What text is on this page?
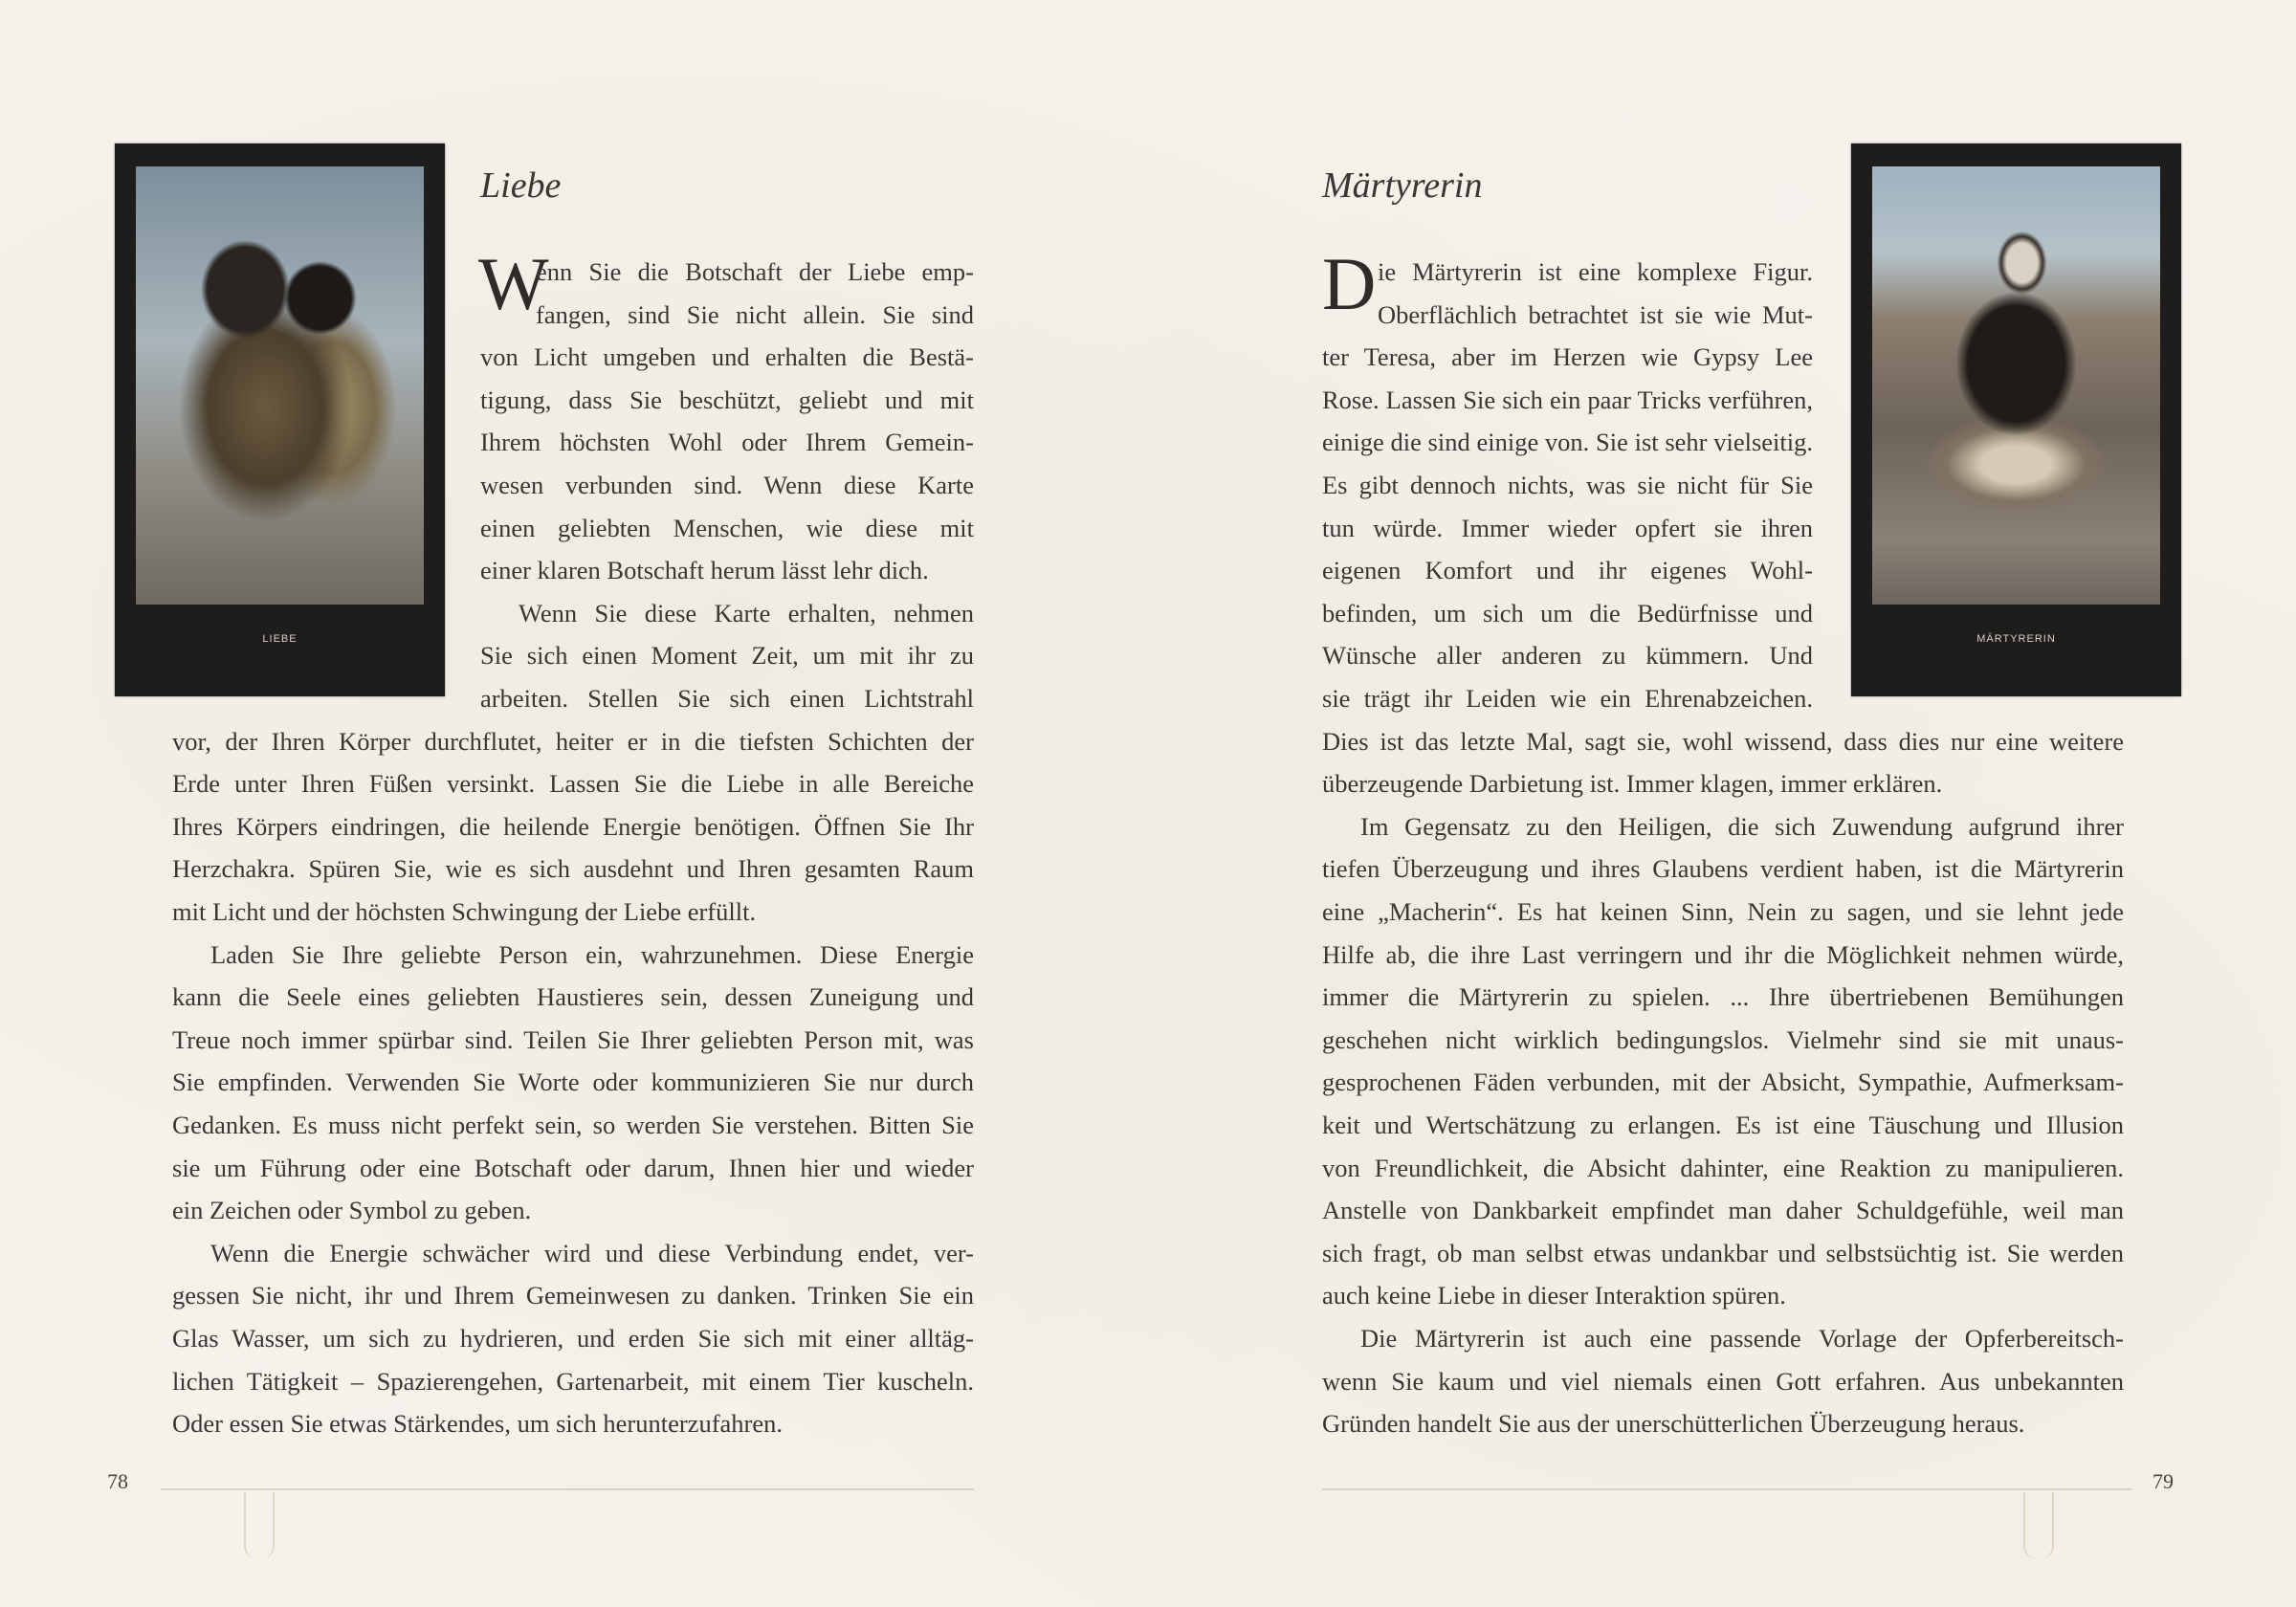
LIEBE
Liebe
W
enn Sie die Botschaft der Liebe emp-
fangen, sind Sie nicht allein. Sie sind
von Licht umgeben und erhalten die Bestä-
tigung, dass Sie beschützt, geliebt und mit
Ihrem höchsten Wohl oder Ihrem Gemein-
wesen verbunden sind. Wenn diese Karte
einen geliebten Menschen, wie diese mit
einer klaren Botschaft herum lässt lehr dich.
Wenn Sie diese Karte erhalten, nehmen
Sie sich einen Moment Zeit, um mit ihr zu
arbeiten. Stellen Sie sich einen Lichtstrahl
vor, der Ihren Körper durchflutet, heiter er in die tiefsten Schichten der
Erde unter Ihren Füßen versinkt. Lassen Sie die Liebe in alle Bereiche
Ihres Körpers eindringen, die heilende Energie benötigen. Öffnen Sie Ihr
Herzchakra. Spüren Sie, wie es sich ausdehnt und Ihren gesamten Raum
mit Licht und der höchsten Schwingung der Liebe erfüllt.
Laden Sie Ihre geliebte Person ein, wahrzunehmen. Diese Energie
kann die Seele eines geliebten Haustieres sein, dessen Zuneigung und
Treue noch immer spürbar sind. Teilen Sie Ihrer geliebten Person mit, was
Sie empfinden. Verwenden Sie Worte oder kommunizieren Sie nur durch
Gedanken. Es muss nicht perfekt sein, so werden Sie verstehen. Bitten Sie
sie um Führung oder eine Botschaft oder darum, Ihnen hier und wieder
ein Zeichen oder Symbol zu geben.
Wenn die Energie schwächer wird und diese Verbindung endet, ver-
gessen Sie nicht, ihr und Ihrem Gemeinwesen zu danken. Trinken Sie ein
Glas Wasser, um sich zu hydrieren, und erden Sie sich mit einer alltäg-
lichen Tätigkeit – Spazierengehen, Gartenarbeit, mit einem Tier kuscheln.
Oder essen Sie etwas Stärkendes, um sich herunterzufahren.
78
MÄRTYRERIN
Märtyrerin
D ie Märtyrerin ist eine komplexe Figur.
Oberflächlich betrachtet ist sie wie Mut-
ter Teresa, aber im Herzen wie Gypsy Lee
Rose. Lassen Sie sich ein paar Tricks verführen,
einige die sind einige von. Sie ist sehr vielseitig.
Es gibt dennoch nichts, was sie nicht für Sie
tun würde. Immer wieder opfert sie ihren
eigenen Komfort und ihr eigenes Wohl-
befinden, um sich um die Bedürfnisse und
Wünsche aller anderen zu kümmern. Und
sie trägt ihr Leiden wie ein Ehrenabzeichen.
Dies ist das letzte Mal, sagt sie, wohl wissend, dass dies nur eine weitere
überzeugende Darbietung ist. Immer klagen, immer erklären.
Im Gegensatz zu den Heiligen, die sich Zuwendung aufgrund ihrer
tiefen Überzeugung und ihres Glaubens verdient haben, ist die Märtyrerin
eine „Macherin“. Es hat keinen Sinn, Nein zu sagen, und sie lehnt jede
Hilfe ab, die ihre Last verringern und ihr die Möglichkeit nehmen würde,
immer die Märtyrerin zu spielen. ... Ihre übertriebenen Bemühungen
geschehen nicht wirklich bedingungslos. Vielmehr sind sie mit unaus-
gesprochenen Fäden verbunden, mit der Absicht, Sympathie, Aufmerksam-
keit und Wertschätzung zu erlangen. Es ist eine Täuschung und Illusion
von Freundlichkeit, die Absicht dahinter, eine Reaktion zu manipulieren.
Anstelle von Dankbarkeit empfindet man daher Schuldgefühle, weil man
sich fragt, ob man selbst etwas undankbar und selbstsüchtig ist. Sie werden
auch keine Liebe in dieser Interaktion spüren.
Die Märtyrerin ist auch eine passende Vorlage der Opferbereitsch-
wenn Sie kaum und viel niemals einen Gott erfahren. Aus unbekannten
Gründen handelt Sie aus der unerschütterlichen Überzeugung heraus.
79
